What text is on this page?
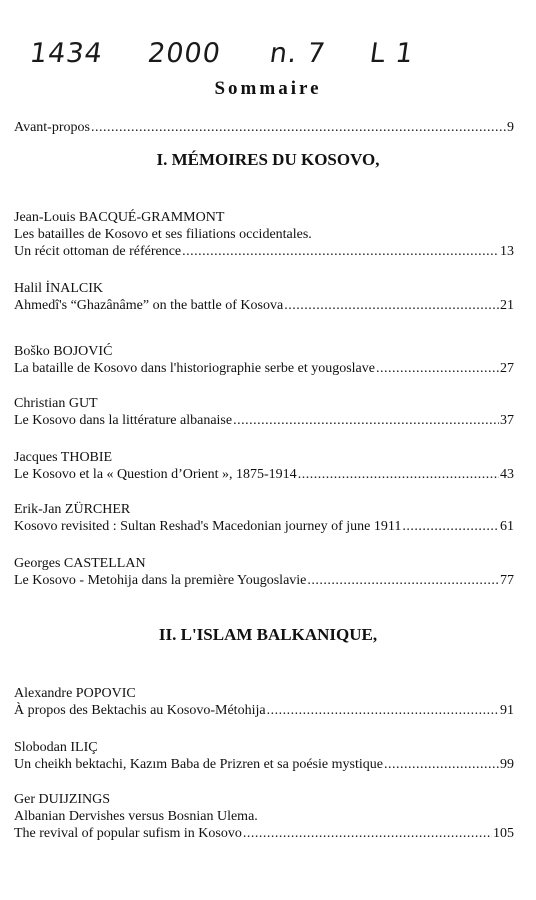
1434 2000 n. 7 L 1
Sommaire
Avant-propos .....	9
I. MÉMOIRES DU KOSOVO,
Jean-Louis BACQUÉ-GRAMMONT
Les batailles de Kosovo et ses filiations occidentales.
Un récit ottoman de référence .....	13
Halil İNALCIK
Ahmedî's “Ghazânâme” on the battle of Kosova .....	21
Boško BOJOVIĆ
La bataille de Kosovo dans l'historiographie serbe et yougoslave .....	27
Christian GUT
Le Kosovo dans la littérature albanaise .....	37
Jacques THOBIE
Le Kosovo et la « Question d’Orient », 1875-1914 .....	43
Erik-Jan ZÜRCHER
Kosovo revisited : Sultan Reshad's Macedonian journey of june 1911 .....	61
Georges CASTELLAN
Le Kosovo - Metohija dans la première Yougoslavie .....	77
II. L'ISLAM BALKANIQUE,
Alexandre POPOVIC
À propos des Bektachis au Kosovo-Métohija .....	91
Slobodan ILIÇ
Un cheikh bektachi, Kazım Baba de Prizren et sa poésie mystique .....	99
Ger DUIJZINGS
Albanian Dervishes versus Bosnian Ulema.
The revival of popular sufism in Kosovo .....	105
